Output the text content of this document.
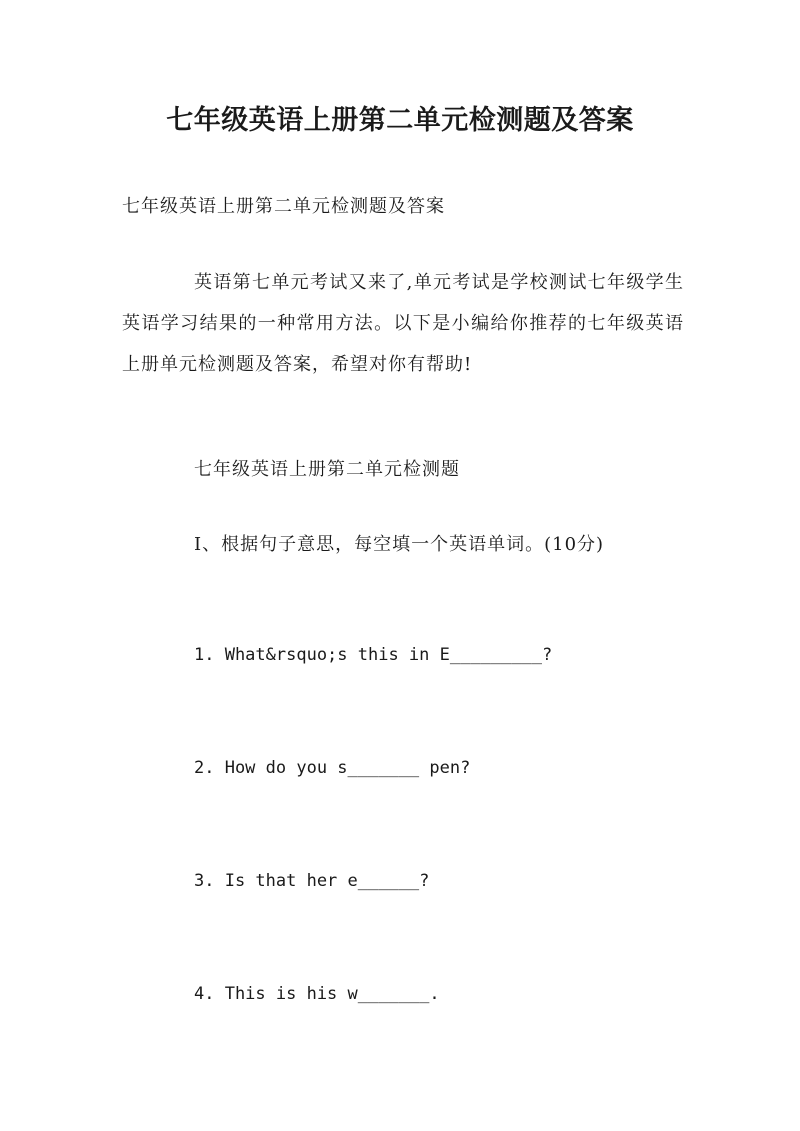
七年级英语上册第二单元检测题及答案
七年级英语上册第二单元检测题及答案
英语第七单元考试又来了,单元考试是学校测试七年级学生英语学习结果的一种常用方法。以下是小编给你推荐的七年级英语上册单元检测题及答案，希望对你有帮助!
七年级英语上册第二单元检测题
I、根据句子意思，每空填一个英语单词。(10分)
1. What&rsquo;s this in E_________?
2. How do you s_______ pen?
3. Is that her e______?
4. This is his w_______.
